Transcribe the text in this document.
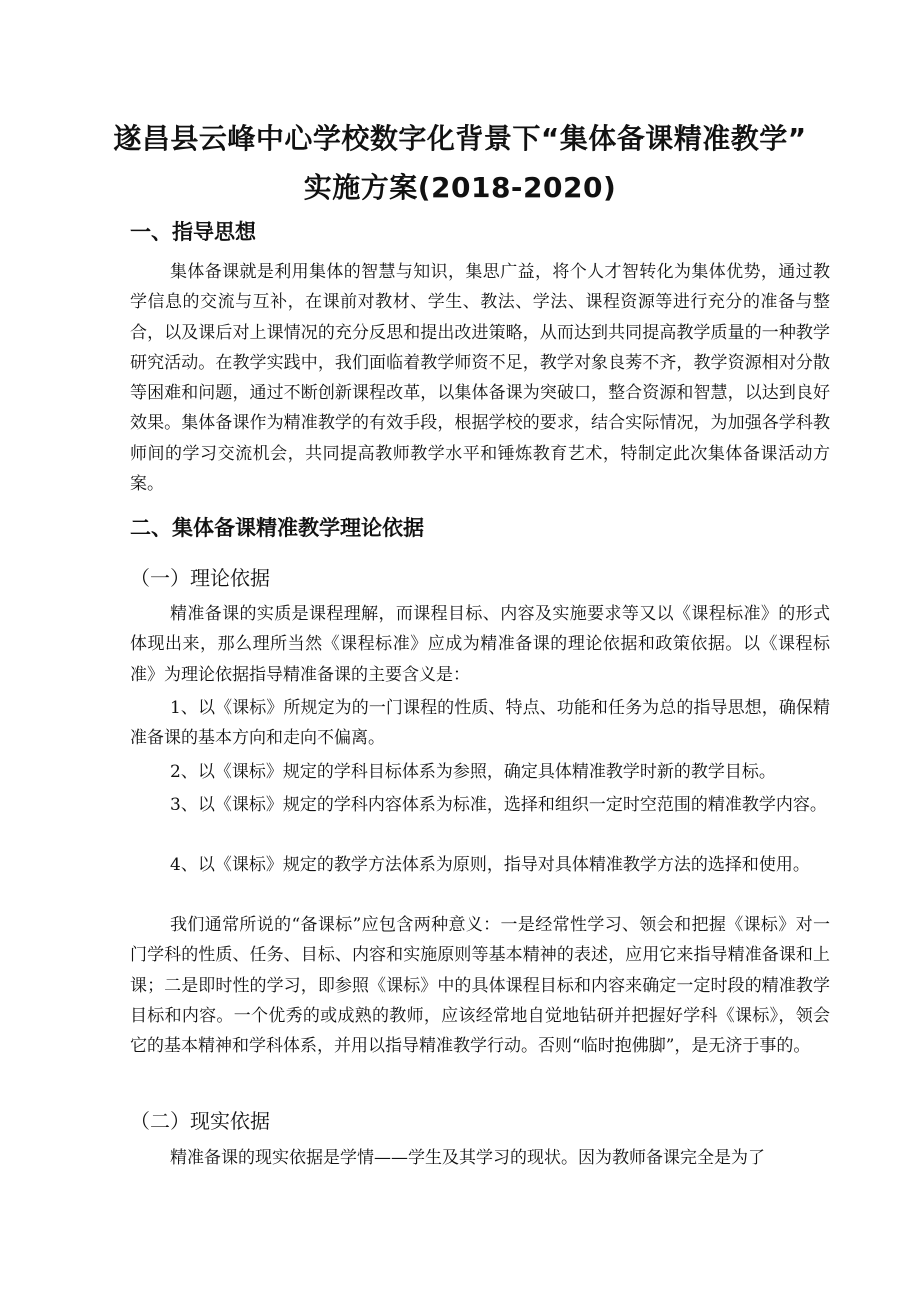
遂昌县云峰中心学校数字化背景下“集体备课精准教学”
实施方案(2018-2020)
一、指导思想
集体备课就是利用集体的智慧与知识，集思广益，将个人才智转化为集体优势，通过教学信息的交流与互补，在课前对教材、学生、教法、学法、课程资源等进行充分的准备与整合，以及课后对上课情况的充分反思和提出改进策略，从而达到共同提高教学质量的一种教学研究活动。在教学实践中，我们面临着教学师资不足，教学对象良莠不齐，教学资源相对分散等困难和问题，通过不断创新课程改革，以集体备课为突破口，整合资源和智慧，以达到良好效果。集体备课作为精准教学的有效手段，根据学校的要求，结合实际情况，为加强各学科教师间的学习交流机会，共同提高教师教学水平和锤炼教育艺术，特制定此次集体备课活动方案。
二、集体备课精准教学理论依据
（一）理论依据
精准备课的实质是课程理解，而课程目标、内容及实施要求等又以《课程标准》的形式体现出来，那么理所当然《课程标准》应成为精准备课的理论依据和政策依据。以《课程标准》为理论依据指导精准备课的主要含义是：
1、以《课标》所规定为的一门课程的性质、特点、功能和任务为总的指导思想，确保精准备课的基本方向和走向不偏离。
2、以《课标》规定的学科目标体系为参照，确定具体精准教学时新的教学目标。
3、以《课标》规定的学科内容体系为标准，选择和组织一定时空范围的精准教学内容。
4、以《课标》规定的教学方法体系为原则，指导对具体精准教学方法的选择和使用。
我们通常所说的“备课标”应包含两种意义：一是经常性学习、领会和把握《课标》对一门学科的性质、任务、目标、内容和实施原则等基本精神的表述，应用它来指导精准备课和上课；二是即时性的学习，即参照《课标》中的具体课程目标和内容来确定一定时段的精准教学目标和内容。一个优秀的或成熟的教师，应该经常地自觉地钻研并把握好学科《课标》，领会它的基本精神和学科体系，并用以指导精准教学行动。否则“临时抱佛脚”，是无济于事的。
（二）现实依据
精准备课的现实依据是学情——学生及其学习的现状。因为教师备课完全是为了
